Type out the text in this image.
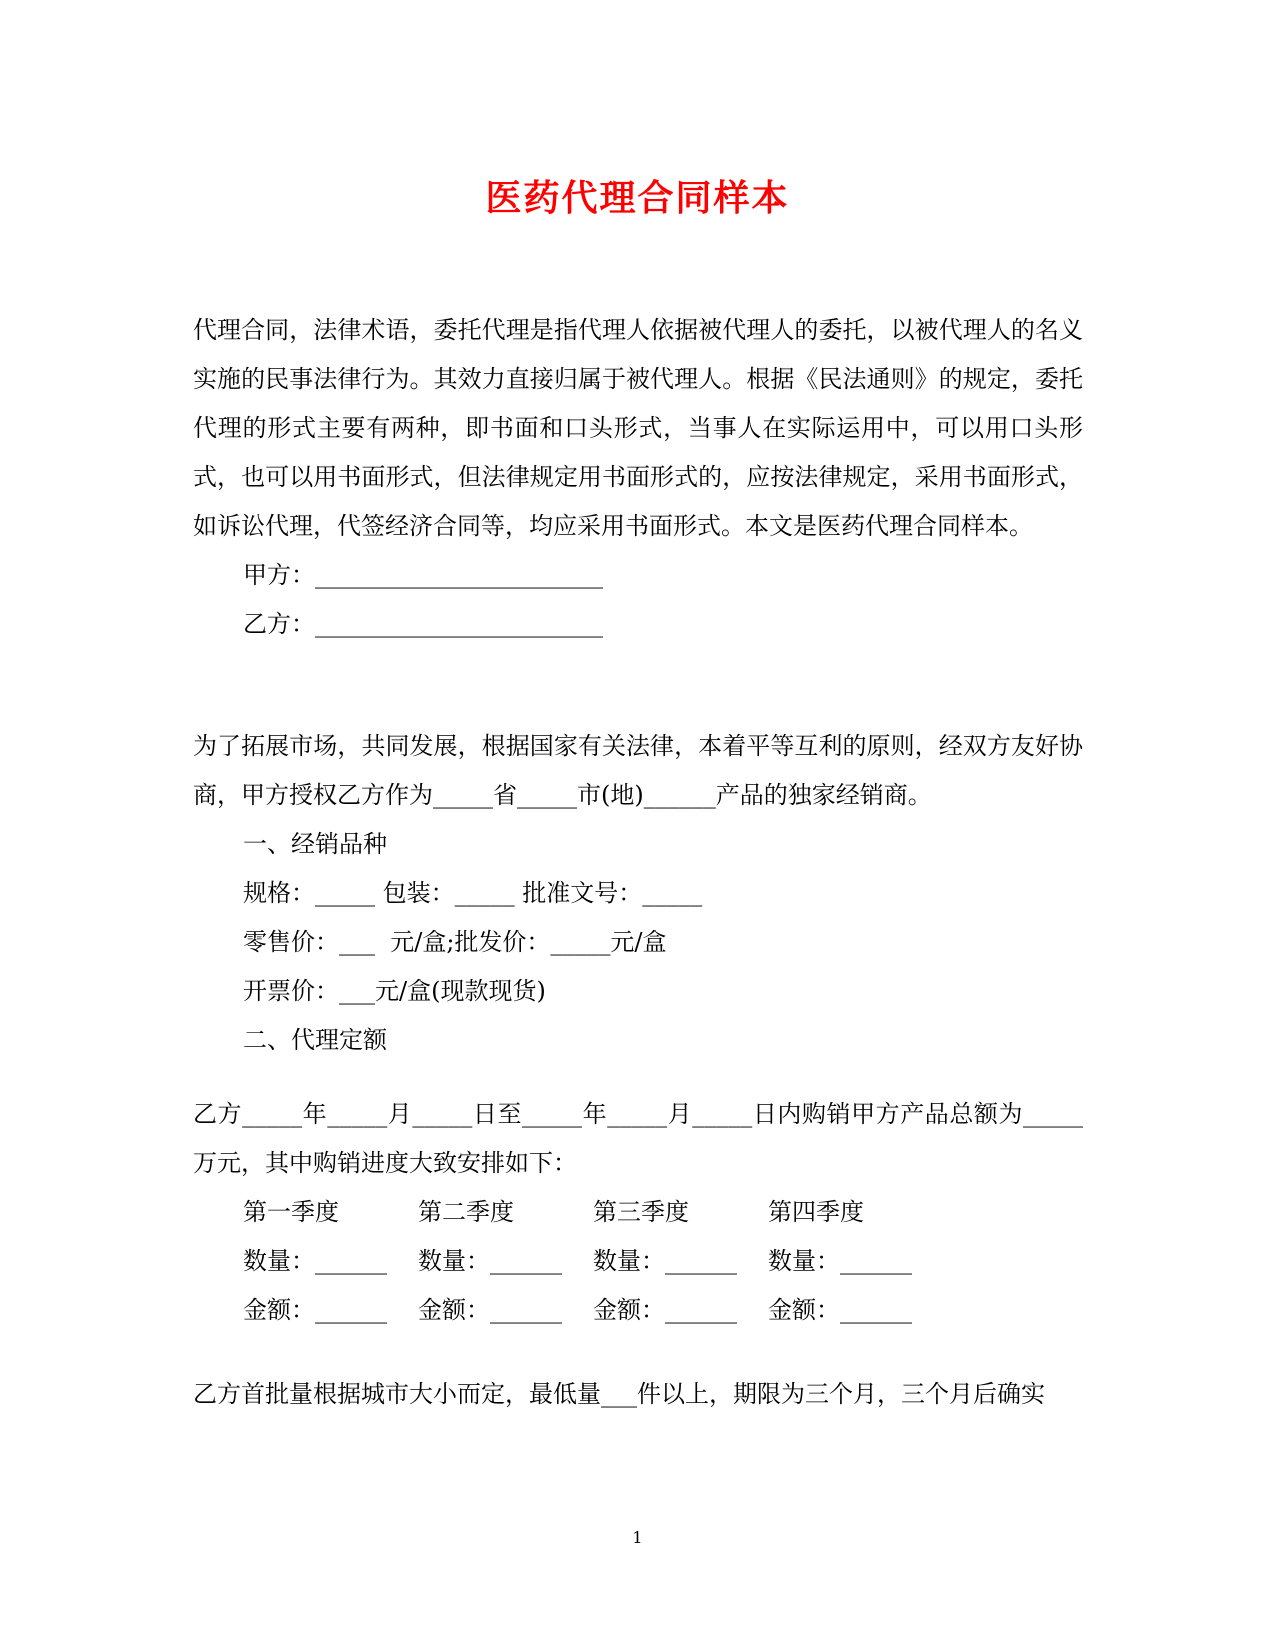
医药代理合同样本

代理合同，法律术语，委托代理是指代理人依据被代理人的委托，以被代理人的名义实施的民事法律行为。其效力直接归属于被代理人。根据《民法通则》的规定，委托代理的形式主要有两种，即书面和口头形式，当事人在实际运用中，可以用口头形式，也可以用书面形式，但法律规定用书面形式的，应按法律规定，采用书面形式，如诉讼代理，代签经济合同等，均应采用书面形式。本文是医药代理合同样本。

甲方：________________________
乙方：________________________

为了拓展市场，共同发展，根据国家有关法律，本着平等互利的原则，经双方友好协商，甲方授权乙方作为_____省_____市(地)______产品的独家经销商。

一、经销品种
规格：_____ 包装：_____ 批准文号：_____
零售价：___  元/盒;批发价：_____元/盒
开票价：___元/盒(现款现货)
二、代理定额

乙方_____年_____月_____日至_____年_____月_____日内购销甲方产品总额为_____万元，其中购销进度大致安排如下：

第一季度	第二季度	第三季度	第四季度
数量：______	数量：______	数量：______	数量：______
金额：______	金额：______	金额：______	金额：______
乙方首批量根据城市大小而定，最低量___件以上，期限为三个月，三个月后确实
1
